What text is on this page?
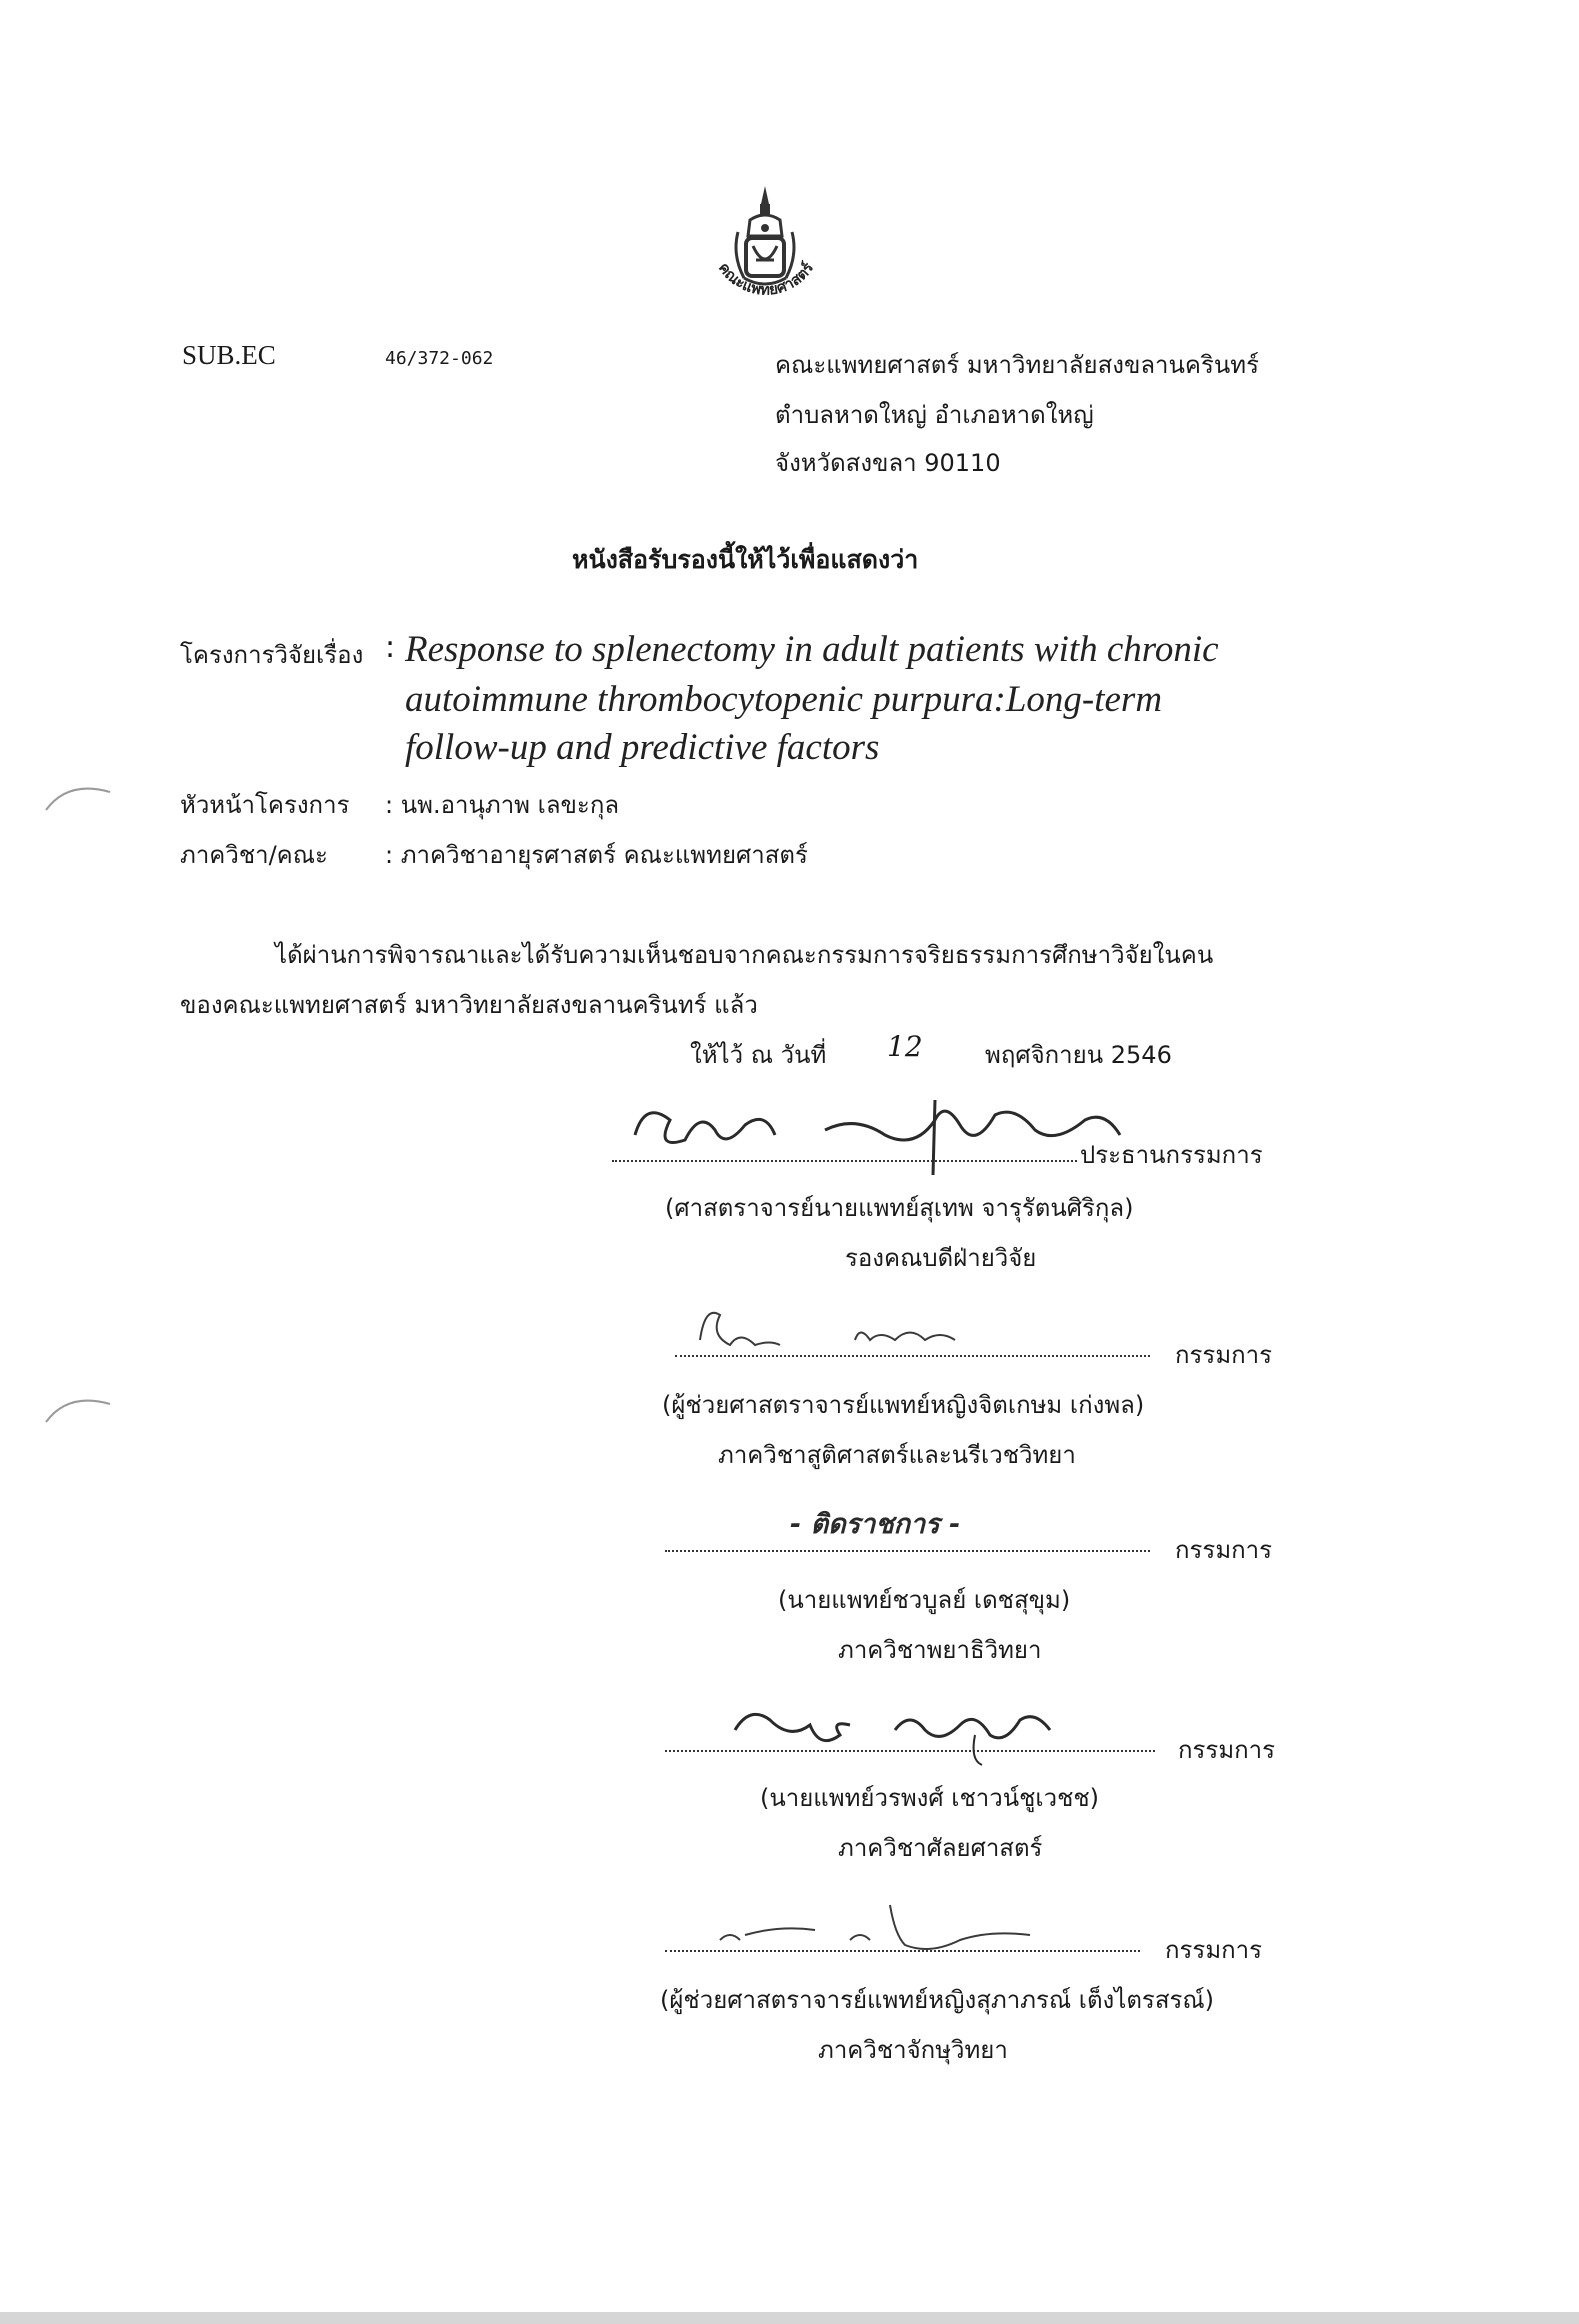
คณะแพทยศาสตร์
SUB.EC	46/372-062	คณะแพทยศาสตร์ มหาวิทยาลัยสงขลานครินทร์
ตำบลหาดใหญ่ อำเภอหาดใหญ่
จังหวัดสงขลา 90110
หนังสือรับรองนี้ให้ไว้เพื่อแสดงว่า
โครงการวิจัยเรื่อง : Response to splenectomy in adult patients with chronic
autoimmune thrombocytopenic purpura:Long-term
follow-up and predictive factors
หัวหน้าโครงการ : นพ.อานุภาพ เลขะกุล
ภาควิชา/คณะ : ภาควิชาอายุรศาสตร์ คณะแพทยศาสตร์
ได้ผ่านการพิจารณาและได้รับความเห็นชอบจากคณะกรรมการจริยธรรมการศึกษาวิจัยในคน
ของคณะแพทยศาสตร์ มหาวิทยาลัยสงขลานครินทร์ แล้ว
ให้ไว้ ณ วันที่ 12	พฤศจิกายน 2546
ประธานกรรมการ
(ศาสตราจารย์นายแพทย์สุเทพ จารุรัตนศิริกุล)
รองคณบดีฝ่ายวิจัย
กรรมการ
(ผู้ช่วยศาสตราจารย์แพทย์หญิงจิตเกษม เก่งพล)
ภาควิชาสูติศาสตร์และนรีเวชวิทยา
- ติดราชการ -
กรรมการ
(นายแพทย์ชวบูลย์ เดชสุขุม)
ภาควิชาพยาธิวิทยา
กรรมการ
(นายแพทย์วรพงศ์ เชาวน์ชูเวชช)
ภาควิชาศัลยศาสตร์
กรรมการ
(ผู้ช่วยศาสตราจารย์แพทย์หญิงสุภาภรณ์ เต็งไตรสรณ์)
ภาควิชาจักษุวิทยา
